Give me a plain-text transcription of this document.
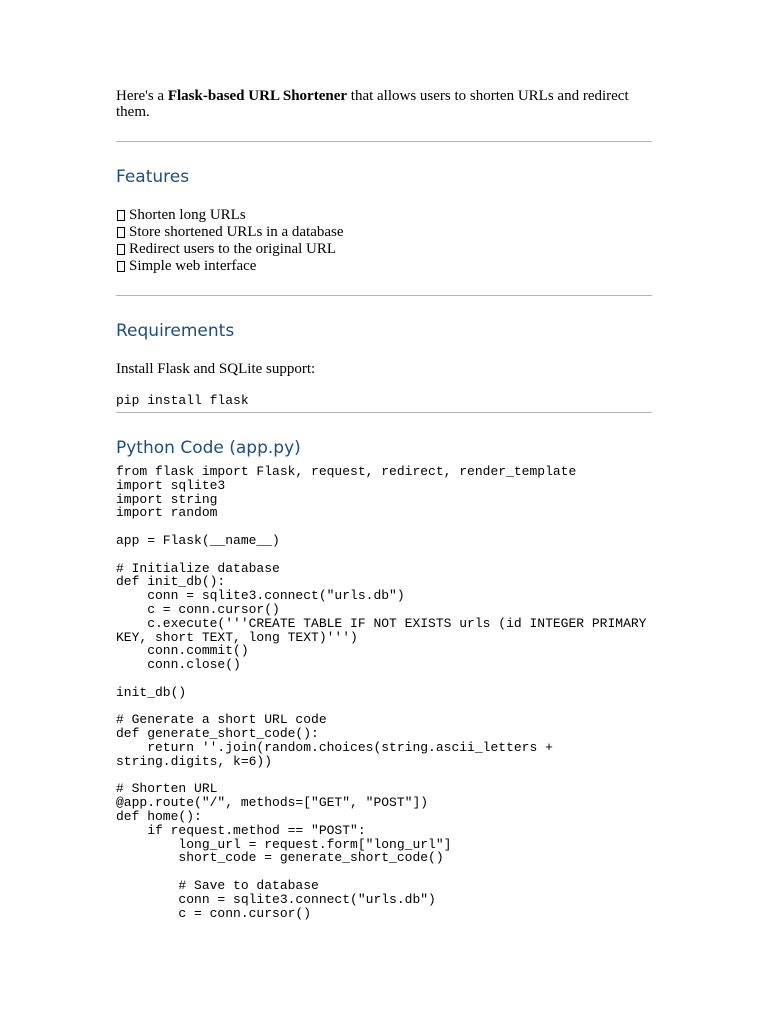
Here's a Flask-based URL Shortener that allows users to shorten URLs and redirect them.

Features
Shorten long URLs
Store shortened URLs in a database
Redirect users to the original URL
Simple web interface
Requirements

Install Flask and SQLite support:

pip install flask
Python Code (app.py)
from flask import Flask, request, redirect, render_template
import sqlite3
import string
import random

app = Flask(__name__)

# Initialize database
def init_db():
conn = sqlite3.connect("urls.db")
c = conn.cursor()
c.execute('''CREATE TABLE IF NOT EXISTS urls (id INTEGER PRIMARY
KEY, short TEXT, long TEXT)''')
conn.commit()
conn.close()

init_db()

# Generate a short URL code
def generate_short_code():
return ''.join(random.choices(string.ascii_letters +
string.digits, k=6))

# Shorten URL
@app.route("/", methods=["GET", "POST"])
def home():
if request.method == "POST":
long_url = request.form["long_url"]
short_code = generate_short_code()

# Save to database
conn = sqlite3.connect("urls.db")
c = conn.cursor()
